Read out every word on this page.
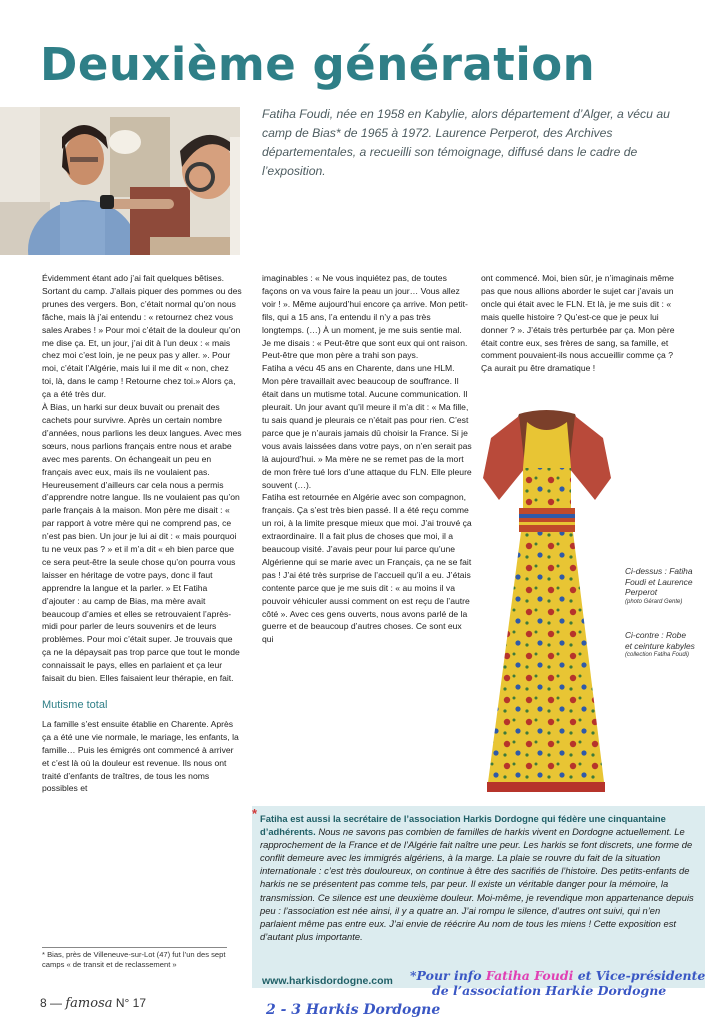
Deuxième génération
Fatiha Foudi, née en 1958 en Kabylie, alors département d’Alger, a vécu au camp de Bias* de 1965 à 1972. Laurence Perperot, des Archives départementales, a recueilli son témoignage, diffusé dans le cadre de l’exposition.

Évidemment étant ado j’ai fait quelques bêtises. Sortant du camp. J’allais piquer des pommes ou des prunes des vergers. Bon, c’était normal qu’on nous fâche, mais là j’ai entendu : « retournez chez vous sales Arabes ! » Pour moi c’était de la douleur qu’on me dise ça. Et, un jour, j’ai dit à l’un deux : « mais chez moi c’est loin, je ne peux pas y aller. ». Pour moi, c’était l’Algérie, mais lui il me dit « non, chez toi, là, dans le camp ! Retourne chez toi.» Alors ça, ça a été très dur.

À Bias, un harki sur deux buvait ou prenait des cachets pour survivre. Après un certain nombre d’années, nous parlions les deux langues. Avec mes sœurs, nous parlions français entre nous et arabe avec mes parents. On échangeait un peu en français avec eux, mais ils ne voulaient pas. Heureusement d’ailleurs car cela nous a permis d’apprendre notre langue. Ils ne voulaient pas qu’on parle français à la maison. Mon père me disait : « par rapport à votre mère qui ne comprend pas, ce n’est pas bien. Un jour je lui ai dit : « mais pourquoi tu ne veux pas ? » et il m’a dit « eh bien parce que ce sera peut-être la seule chose qu’on pourra vous laisser en héritage de votre pays, donc il faut apprendre la langue et la parler. » Et Fatiha d’ajouter : au camp de Bias, ma mère avait beaucoup d’amies et elles se retrouvaient l’après-midi pour parler de leurs souvenirs et de leurs problèmes. Pour moi c’était super. Je trouvais que ça ne la dépaysait pas trop parce que tout le monde connaissait le pays, elles en parlaient et ça leur faisait du bien. Elles faisaient leur thérapie, en fait.

Mutisme total

La famille s’est ensuite établie en Charente. Après ça a été une vie normale, le mariage, les enfants, la famille… Puis les émigrés ont commencé à arriver et c’est là où la douleur est revenue. Ils nous ont traité d’enfants de traîtres, de tous les noms possibles et

imaginables : « Ne vous inquiétez pas, de toutes façons on va vous faire la peau un jour… Vous allez voir ! ». Même aujourd’hui encore ça arrive. Mon petit-fils, qui a 15 ans, l’a entendu il n’y a pas très longtemps. (…) À un moment, je me suis sentie mal. Je me disais : « Peut-être que sont eux qui ont raison. Peut-être que mon père a trahi son pays.

Fatiha a vécu 45 ans en Charente, dans une HLM. Mon père travaillait avec beaucoup de souffrance. Il était dans un mutisme total. Aucune communication. Il pleurait. Un jour avant qu’il meure il m’a dit : « Ma fille, tu sais quand je pleurais ce n’était pas pour rien. C’est parce que je n’aurais jamais dû choisir la France. Si je vous avais laissées dans votre pays, on n’en serait pas là aujourd’hui. » Ma mère ne se remet pas de la mort de mon frère tué lors d’une attaque du FLN. Elle pleure souvent (…).

Fatiha est retournée en Algérie avec son compagnon, français. Ça s’est très bien passé. Il a été reçu comme un roi, à la limite presque mieux que moi. J’ai trouvé ça extraordinaire. Il a fait plus de choses que moi, il a beaucoup visité. J’avais peur pour lui parce qu’une Algérienne qui se marie avec un Français, ça ne se fait pas ! J’ai été très surprise de l’accueil qu’il a eu. J’étais contente parce que je me suis dit : « au moins il va pouvoir véhiculer aussi comment on est reçu de l’autre côté ». Avec ces gens ouverts, nous avons parlé de la guerre et de beaucoup d’autres choses. Ce sont eux qui

ont commencé. Moi, bien sûr, je n’imaginais même pas que nous allions aborder le sujet car j’avais un oncle qui était avec le FLN. Et là, je me suis dit : « mais quelle histoire ? Qu’est-ce que je peux lui donner ? ». J’étais très perturbée par ça. Mon père était contre eux, ses frères de sang, sa famille, et comment pouvaient-ils nous accueillir comme ça ? Ça aurait pu être dramatique !

Ci-dessus : Fatiha Foudi et Laurence Perperot
(photo Gérard Gente)
Ci-contre : Robe et ceinture kabyles
(collection Fatiha Foudi)
* Bias, près de Villeneuve-sur-Lot (47) fut l’un des sept camps « de transit et de reclassement »
8 — famosa N° 17
* Fatiha est aussi la secrétaire de l’association Harkis Dordogne qui fédère une cinquantaine d’adhérents. Nous ne savons pas combien de familles de harkis vivent en Dordogne actuellement. Le rapprochement de la France et de l’Algérie fait naître une peur. Les harkis se font discrets, une forme de conflit demeure avec les immigrés algériens, à la marge. La plaie se rouvre du fait de la situation internationale : c’est très douloureux, on continue à être des sacrifiés de l’histoire. Des petits-enfants de harkis ne se présentent pas comme tels, par peur. Il existe un véritable danger pour la mémoire, la transmission. Ce silence est une deuxième douleur. Moi-même, je revendique mon appartenance depuis peu : l’association est née ainsi, il y a quatre an. J’ai rompu le silence, d’autres ont suivi, qui n’en parlaient même pas entre eux. J’ai envie de réécrire Au nom de tous les miens ! Cette exposition est d’autant plus importante.
www.harkisdordogne.com *Pour info Fatiha Foudi et Vice-présidente
de l’association Harkie Dordogne
2 - 3 Harkis Dordogne
